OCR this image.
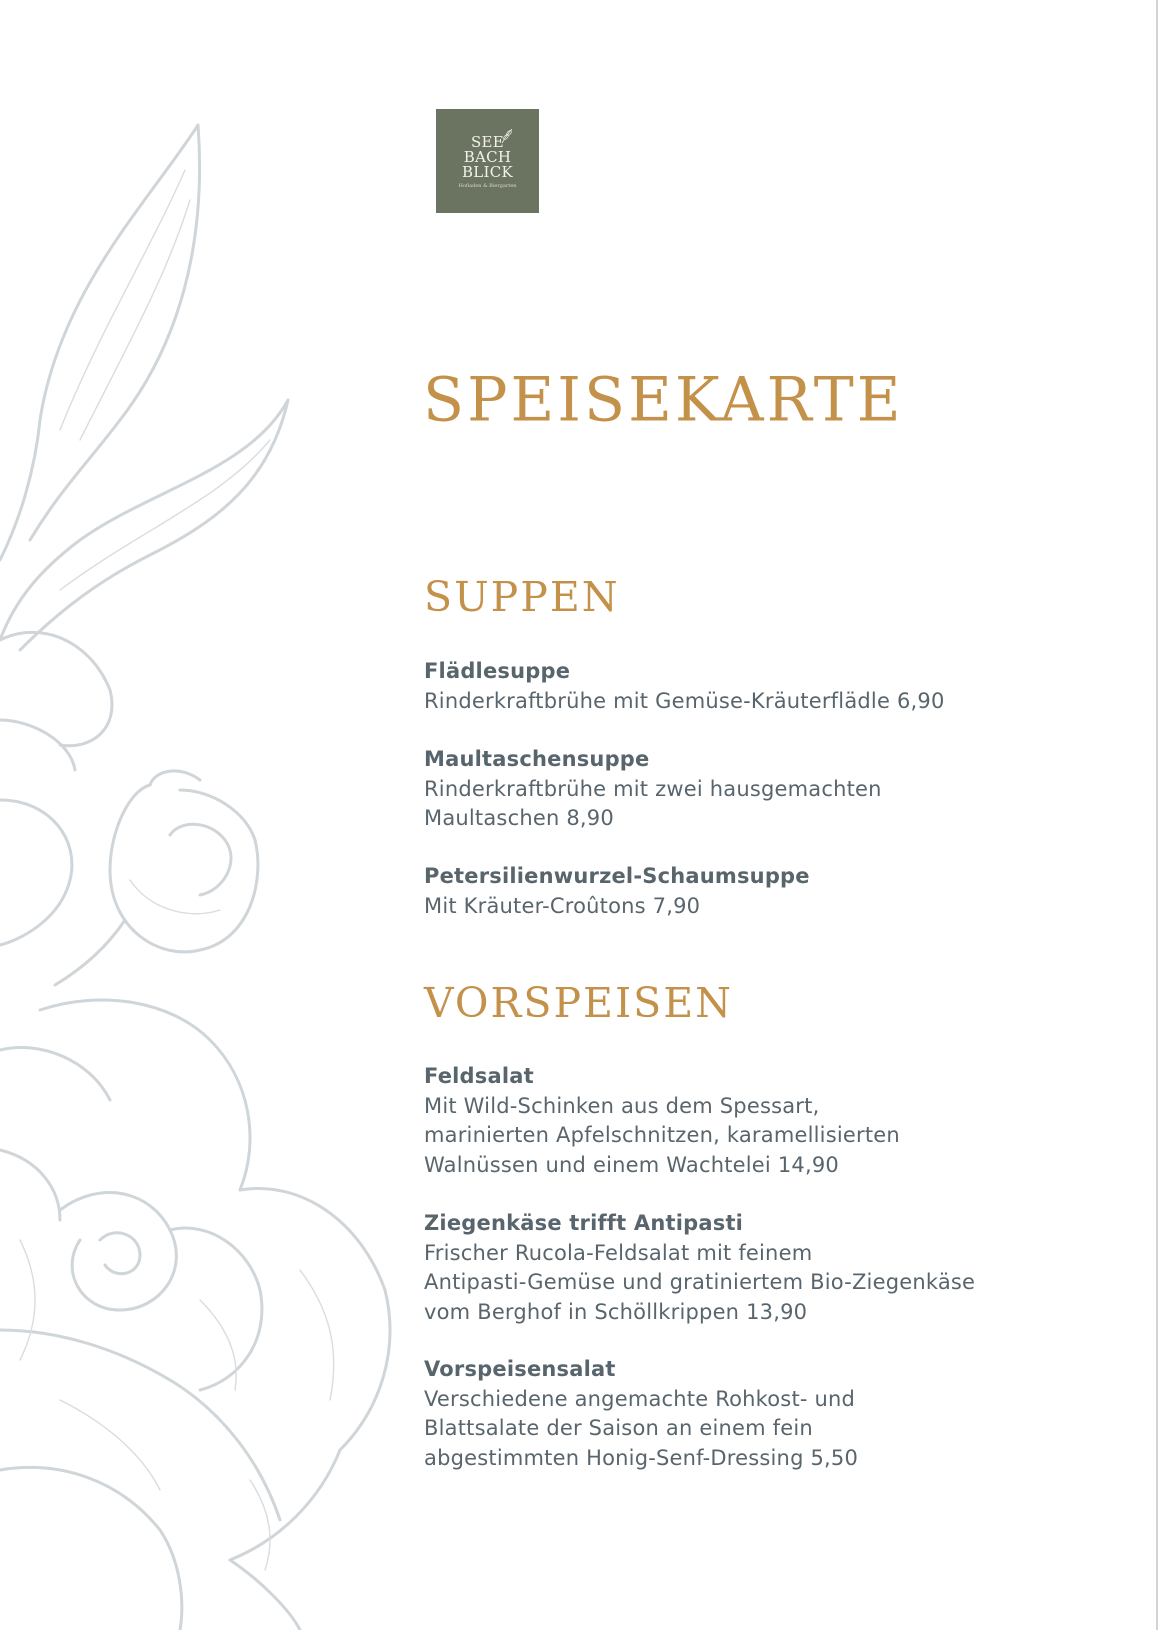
SEE
BACH
BLICK
Hofladen & Biergarten
SPEISEKARTE
SUPPEN
Flädlesuppe
Rinderkraftbrühe mit Gemüse-Kräuterflädle 6,90
Maultaschensuppe
Rinderkraftbrühe mit zwei hausgemachten
Maultaschen 8,90
Petersilienwurzel-Schaumsuppe
Mit Kräuter-Croûtons 7,90
VORSPEISEN
Feldsalat
Mit Wild-Schinken aus dem Spessart,
marinierten Apfelschnitzen, karamellisierten
Walnüssen und einem Wachtelei 14,90
Ziegenkäse trifft Antipasti
Frischer Rucola-Feldsalat mit feinem
Antipasti-Gemüse und gratiniertem Bio-Ziegenkäse
vom Berghof in Schöllkrippen 13,90
Vorspeisensalat
Verschiedene angemachte Rohkost- und
Blattsalate der Saison an einem fein
abgestimmten Honig-Senf-Dressing 5,50
